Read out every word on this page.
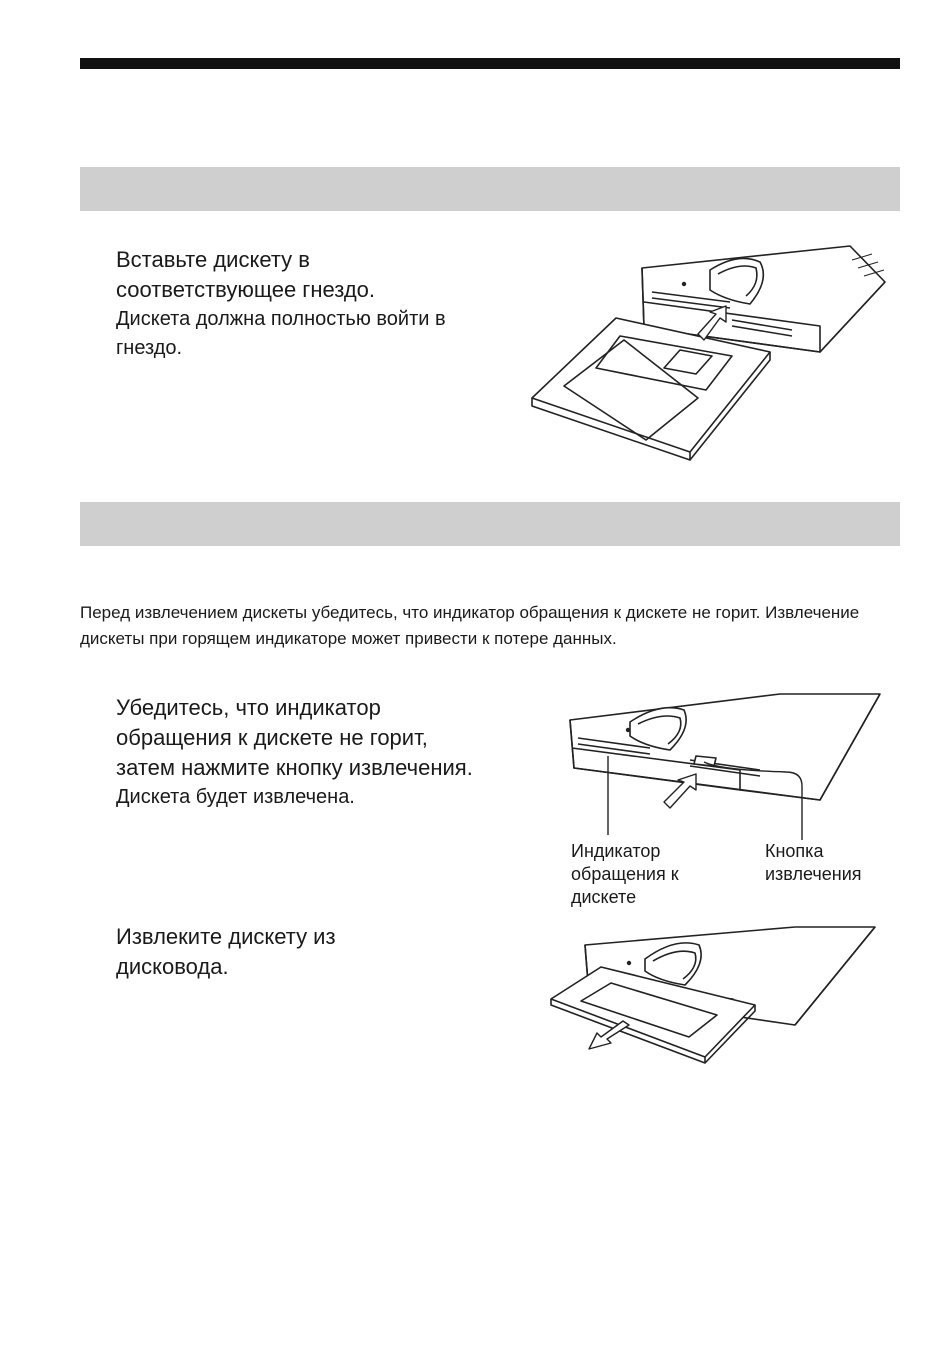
Вставьте дискету в соответствующее гнездо.
Дискета должна полностью войти в гнездо.
Перед извлечением дискеты убедитесь, что индикатор обращения к дискете не горит. Извлечение дискеты при горящем индикаторе может привести к потере данных.
Убедитесь, что индикатор обращения к дискете не горит, затем нажмите кнопку извлечения.
Дискета будет извлечена.
Индикатор обращения к дискете
Кнопка извлечения
Извлеките дискету из дисковода.
